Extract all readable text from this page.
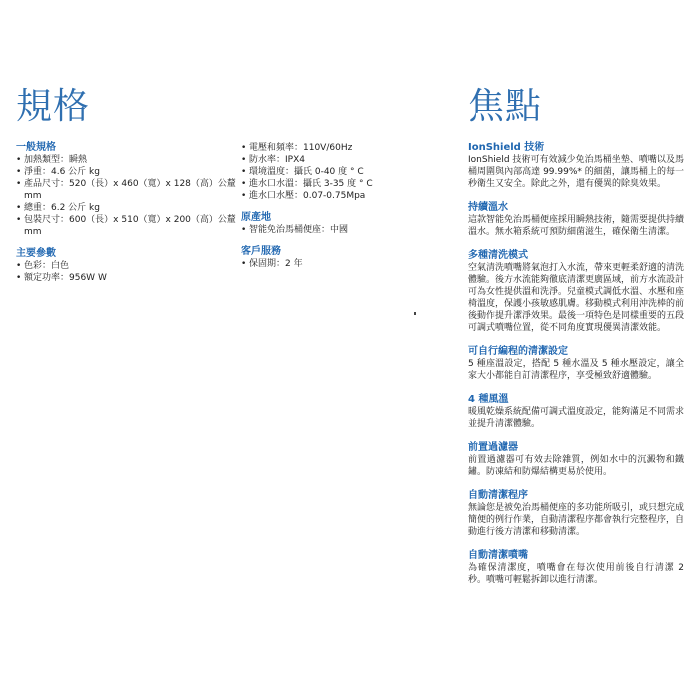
規格	焦點
一般規格
• 加熱類型：瞬熱
• 淨重：4.6 公斤 kg
• 產品尺寸：520（長）x 460（寬）x 128（高）公釐 mm
• 總重：6.2 公斤 kg
• 包裝尺寸：600（長）x 510（寬）x 200（高）公釐 mm
主要參數
• 色彩：白色
• 額定功率：956W W
• 電壓和頻率：110V/60Hz
• 防水率：IPX4
• 環境溫度：攝氏 0-40 度 ° C
• 進水口水溫：攝氏 3-35 度 ° C
• 進水口水壓：0.07-0.75Mpa
原產地
• 智能免治馬桶便座：中國
客戶服務
• 保固期：2 年
IonShield 技術

IonShield 技術可有效減少免治馬桶坐墊、噴嘴以及馬桶周圍與內部高達 99.99%* 的細菌，讓馬桶上的每一秒衛生又安全。除此之外，還有優異的除臭效果。

持續溫水

這款智能免治馬桶便座採用瞬熱技術，隨需要提供持續溫水。無水箱系統可預防細菌滋生，確保衛生清潔。

多種清洗模式

空氣清洗噴嘴將氣泡打入水流，帶來更輕柔舒適的清洗體驗。後方水流能夠徹底清潔更廣區域，前方水流設計可為女性提供溫和洗淨。兒童模式調低水溫、水壓和座椅溫度，保護小孩敏感肌膚。移動模式利用沖洗棒的前後動作提升潔淨效果。最後一項特色是同樣重要的五段可調式噴嘴位置，從不同角度實現優異清潔效能。

可自行編程的清潔設定

5 種座溫設定，搭配 5 種水溫及 5 種水壓設定，讓全家大小都能自訂清潔程序，享受極致舒適體驗。

4 種風溫

暖風乾燥系統配備可調式溫度設定，能夠滿足不同需求並提升清潔體驗。

前置過濾器

前置過濾器可有效去除雜質，例如水中的沉澱物和鐵鏽。防凍結和防爆結構更易於使用。

自動清潔程序

無論您是被免治馬桶便座的多功能所吸引，或只想完成簡便的例行作業，自動清潔程序都會執行完整程序，自動進行後方清潔和移動清潔。

自動清潔噴嘴

為確保清潔度，噴嘴會在每次使用前後自行清潔 2 秒。噴嘴可輕鬆拆卸以進行清潔。
